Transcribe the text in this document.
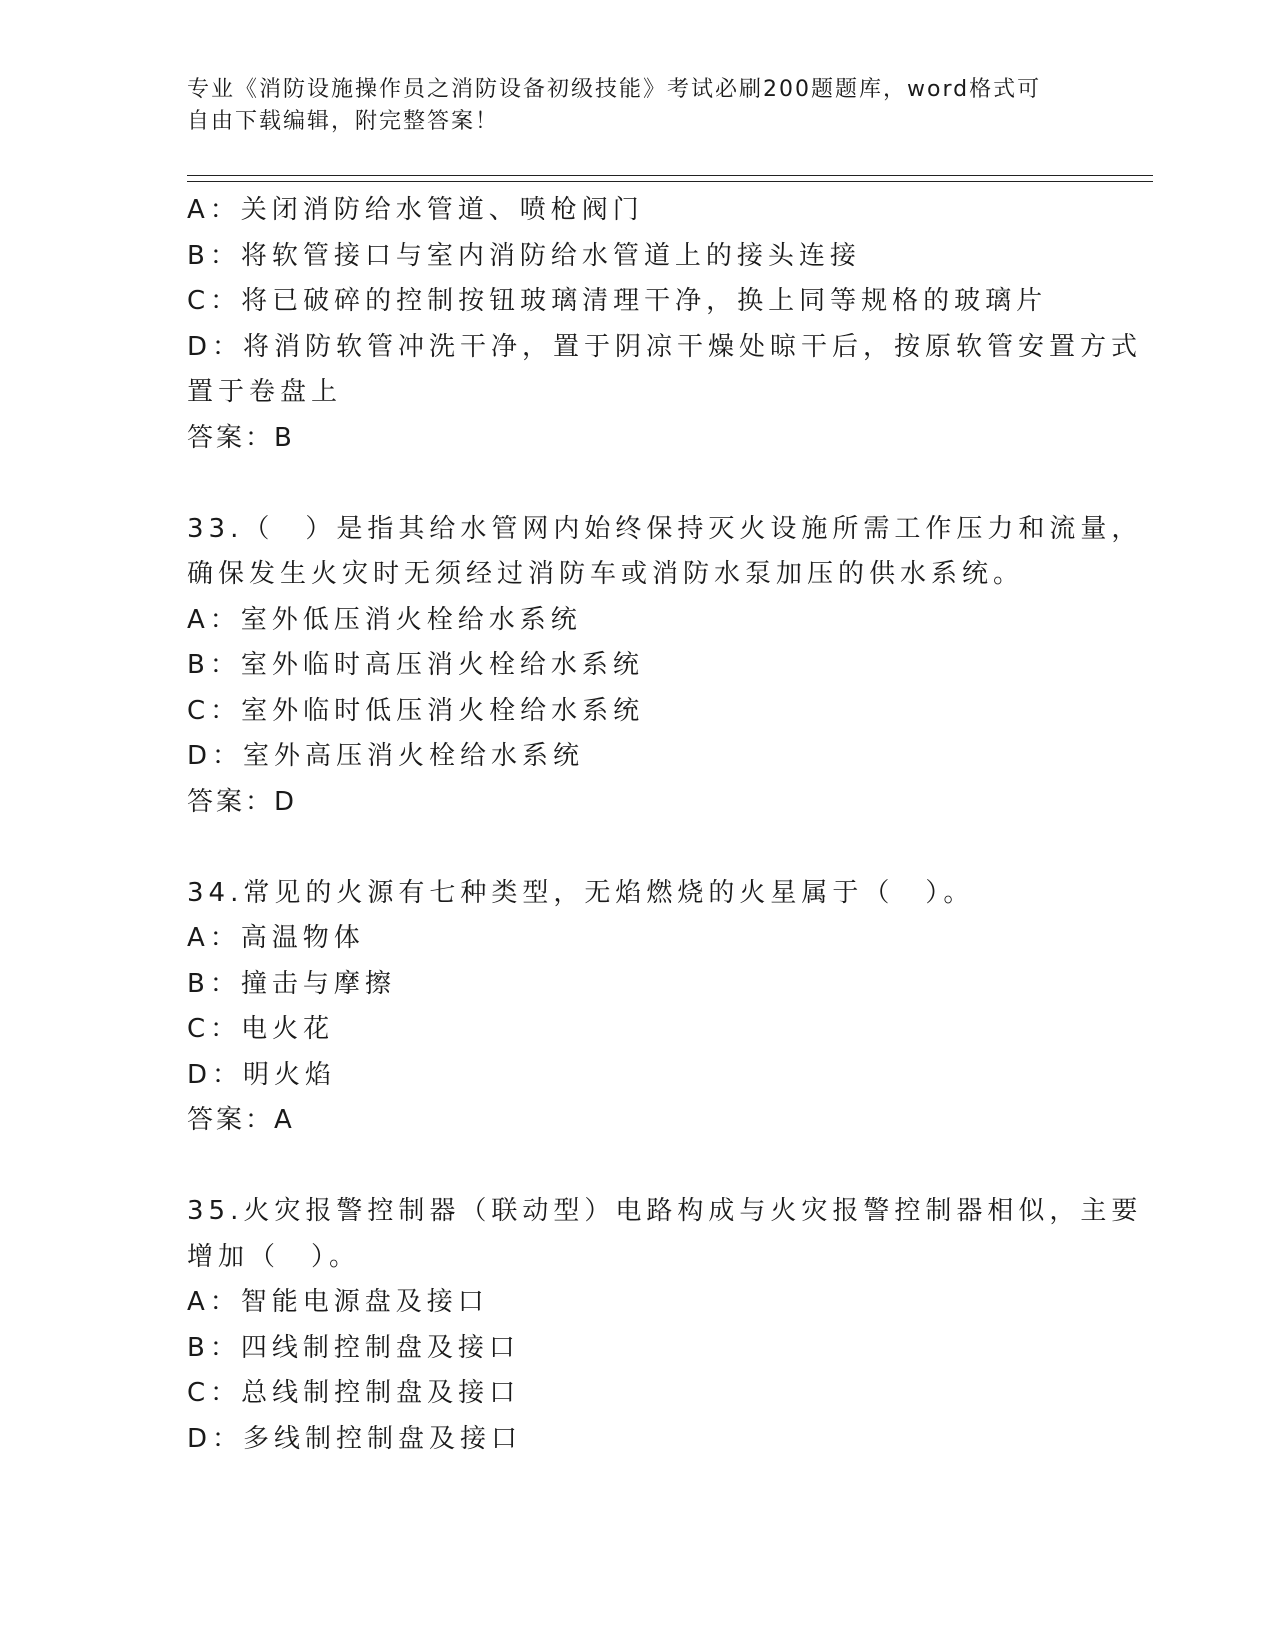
专业《消防设施操作员之消防设备初级技能》考试必刷200题题库，word格式可
自由下载编辑，附完整答案！
A：关闭消防给水管道、喷枪阀门
B：将软管接口与室内消防给水管道上的接头连接
C：将已破碎的控制按钮玻璃清理干净，换上同等规格的玻璃片
D：将消防软管冲洗干净，置于阴凉干燥处晾干后，按原软管安置方式
置于卷盘上
答案：B
33.（　）是指其给水管网内始终保持灭火设施所需工作压力和流量，
确保发生火灾时无须经过消防车或消防水泵加压的供水系统。
A：室外低压消火栓给水系统
B：室外临时高压消火栓给水系统
C：室外临时低压消火栓给水系统
D：室外高压消火栓给水系统
答案：D
34.常见的火源有七种类型，无焰燃烧的火星属于（　）。
A：高温物体
B：撞击与摩擦
C：电火花
D：明火焰
答案：A
35.火灾报警控制器（联动型）电路构成与火灾报警控制器相似，主要
增加（　）。
A：智能电源盘及接口
B：四线制控制盘及接口
C：总线制控制盘及接口
D：多线制控制盘及接口
